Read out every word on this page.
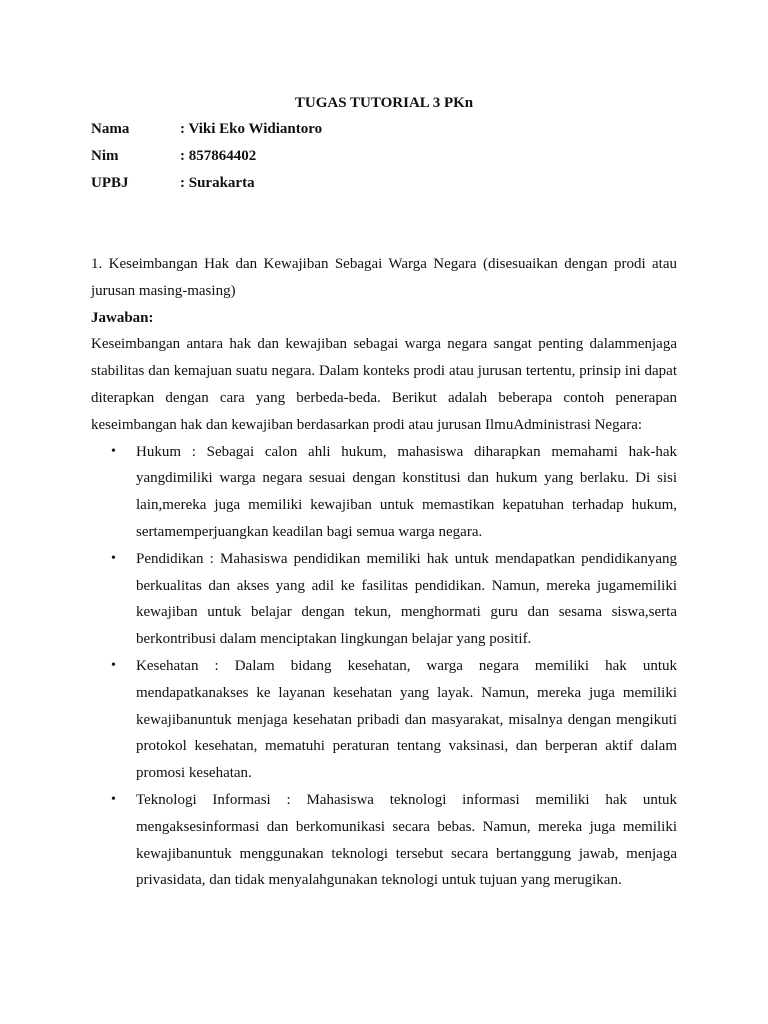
TUGAS TUTORIAL 3 PKn
Nama	: Viki Eko Widiantoro
Nim	: 857864402
UPBJ	: Surakarta

1. Keseimbangan Hak dan Kewajiban Sebagai Warga Negara (disesuaikan dengan prodi atau jurusan masing-masing)

Jawaban:

Keseimbangan antara hak dan kewajiban sebagai warga negara sangat penting dalammenjaga stabilitas dan kemajuan suatu negara. Dalam konteks prodi atau jurusan tertentu, prinsip ini dapat diterapkan dengan cara yang berbeda-beda. Berikut adalah beberapa contoh penerapan keseimbangan hak dan kewajiban berdasarkan prodi atau jurusan IlmuAdministrasi Negara:

• Hukum : Sebagai calon ahli hukum, mahasiswa diharapkan memahami hak-hak yangdimiliki warga negara sesuai dengan konstitusi dan hukum yang berlaku. Di sisi lain,mereka juga memiliki kewajiban untuk memastikan kepatuhan terhadap hukum, sertamemperjuangkan keadilan bagi semua warga negara.
• Pendidikan : Mahasiswa pendidikan memiliki hak untuk mendapatkan pendidikanyang berkualitas dan akses yang adil ke fasilitas pendidikan. Namun, mereka jugamemiliki kewajiban untuk belajar dengan tekun, menghormati guru dan sesama siswa,serta berkontribusi dalam menciptakan lingkungan belajar yang positif.
• Kesehatan : Dalam bidang kesehatan, warga negara memiliki hak untuk mendapatkanakses ke layanan kesehatan yang layak. Namun, mereka juga memiliki kewajibanuntuk menjaga kesehatan pribadi dan masyarakat, misalnya dengan mengikuti protokol kesehatan, mematuhi peraturan tentang vaksinasi, dan berperan aktif dalam promosi kesehatan.
• Teknologi Informasi : Mahasiswa teknologi informasi memiliki hak untuk mengaksesinformasi dan berkomunikasi secara bebas. Namun, mereka juga memiliki kewajibanuntuk menggunakan teknologi tersebut secara bertanggung jawab, menjaga privasidata, dan tidak menyalahgunakan teknologi untuk tujuan yang merugikan.
